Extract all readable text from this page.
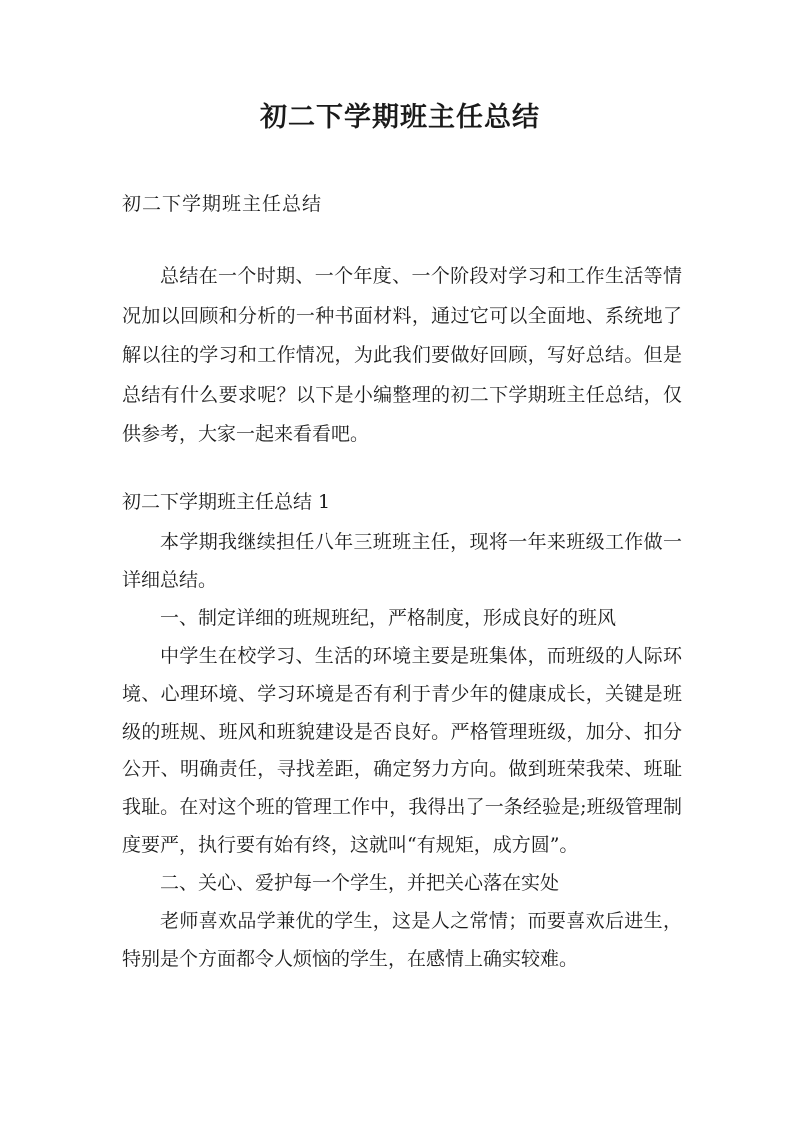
初二下学期班主任总结

初二下学期班主任总结

总结在一个时期、一个年度、一个阶段对学习和工作生活等情况加以回顾和分析的一种书面材料，通过它可以全面地、系统地了解以往的学习和工作情况，为此我们要做好回顾，写好总结。但是总结有什么要求呢？以下是小编整理的初二下学期班主任总结，仅供参考，大家一起来看看吧。

初二下学期班主任总结 1

本学期我继续担任八年三班班主任，现将一年来班级工作做一详细总结。

一、制定详细的班规班纪，严格制度，形成良好的班风

中学生在校学习、生活的环境主要是班集体，而班级的人际环境、心理环境、学习环境是否有利于青少年的健康成长，关键是班级的班规、班风和班貌建设是否良好。严格管理班级，加分、扣分公开、明确责任，寻找差距，确定努力方向。做到班荣我荣、班耻我耻。在对这个班的管理工作中，我得出了一条经验是;班级管理制度要严，执行要有始有终，这就叫“有规矩，成方圆”。

二、关心、爱护每一个学生，并把关心落在实处

老师喜欢品学兼优的学生，这是人之常情；而要喜欢后进生，特别是个方面都令人烦恼的学生，在感情上确实较难。
